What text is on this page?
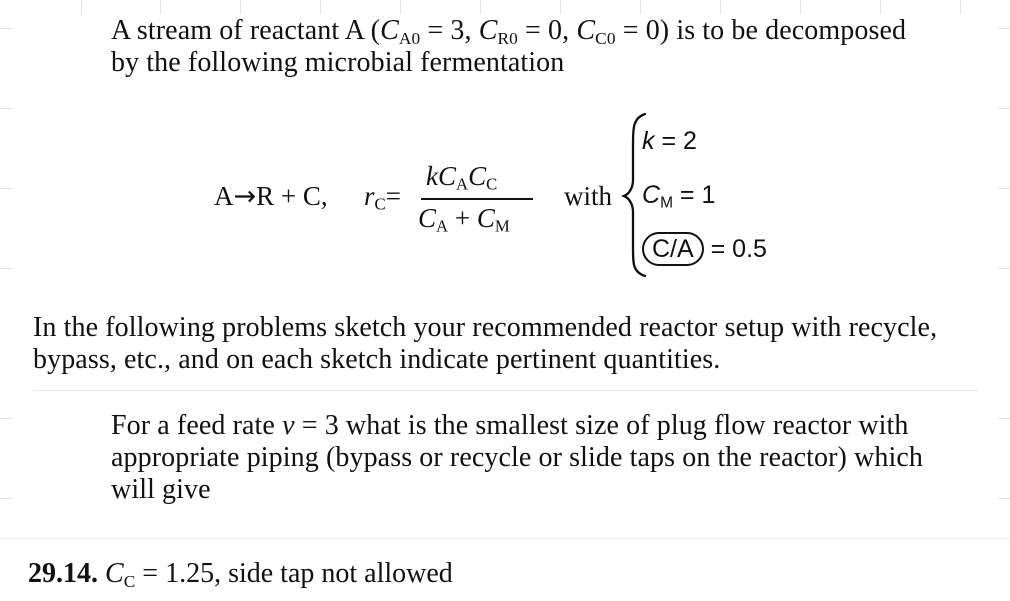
A stream of reactant A ($C_{A0} = 3$, $C_{R0} = 0$, $C_{C0} = 0$) is to be decomposed
by the following microbial fermentation
A→R + C, $r_C=$
$kC_AC_C$
$C_A + C_M$
with
k = 2
$C_M = 1$
C/A = 0.5
In the following problems sketch your recommended reactor setup with recycle,
bypass, etc., and on each sketch indicate pertinent quantities.
For a feed rate v = 3 what is the smallest size of plug flow reactor with
appropriate piping (bypass or recycle or slide taps on the reactor) which
will give
29.14. $C_C = 1.25$, side tap not allowed
